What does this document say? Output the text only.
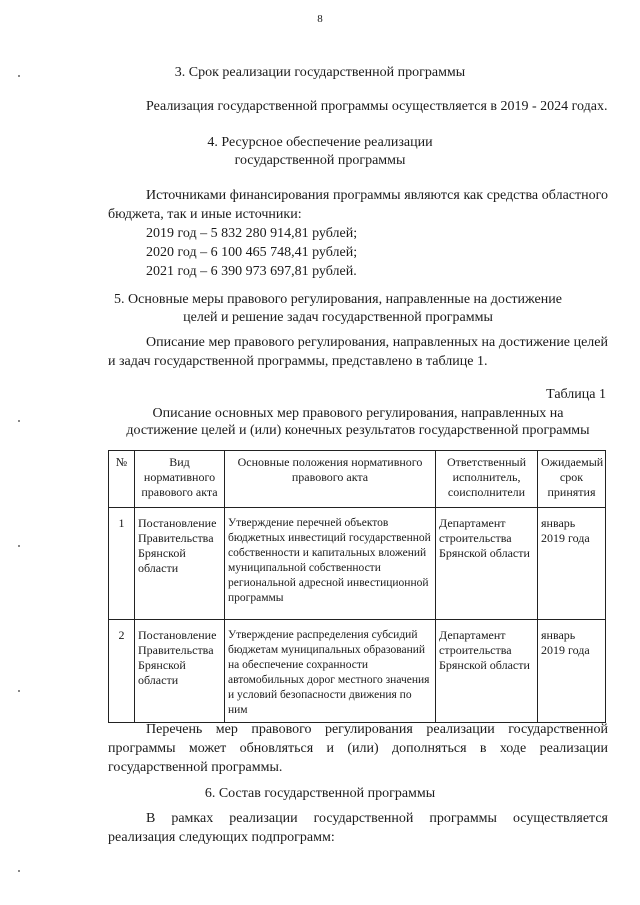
8
3. Срок реализации государственной программы
Реализация государственной программы осуществляется в 2019 - 2024 годах.
4. Ресурсное обеспечение реализации
государственной программы
Источниками финансирования программы являются как средства областного бюджета, так и иные источники:
2019 год – 5 832 280 914,81 рублей;
2020 год – 6 100 465 748,41 рублей;
2021 год – 6 390 973 697,81 рублей.
5. Основные меры правового регулирования, направленные на достижение
целей и решение задач государственной программы
Описание мер правового регулирования, направленных на достижение целей и задач государственной программы, представлено в таблице 1.
Таблица 1
Описание основных мер правового регулирования, направленных на
достижение целей и (или) конечных результатов государственной программы
№	Вид нормативного правового акта	Основные положения нормативного правового акта	Ответственный исполнитель, соисполнители	Ожидаемый срок принятия
1	Постановление Правительства Брянской области	Утверждение перечней объектов бюджетных инвестиций государственной собственности и капитальных вложений муниципальной собственности региональной адресной инвестиционной программы	Департамент строительства Брянской области	январь 2019 года
2	Постановление Правительства Брянской области	Утверждение распределения субсидий бюджетам муниципальных образований на обеспечение сохранности автомобильных дорог местного значения и условий безопасности движения по ним	Департамент строительства Брянской области	январь 2019 года
Перечень мер правового регулирования реализации государственной программы может обновляться и (или) дополняться в ходе реализации государственной программы.
6. Состав государственной программы
В рамках реализации государственной программы осуществляется реализация следующих подпрограмм:
